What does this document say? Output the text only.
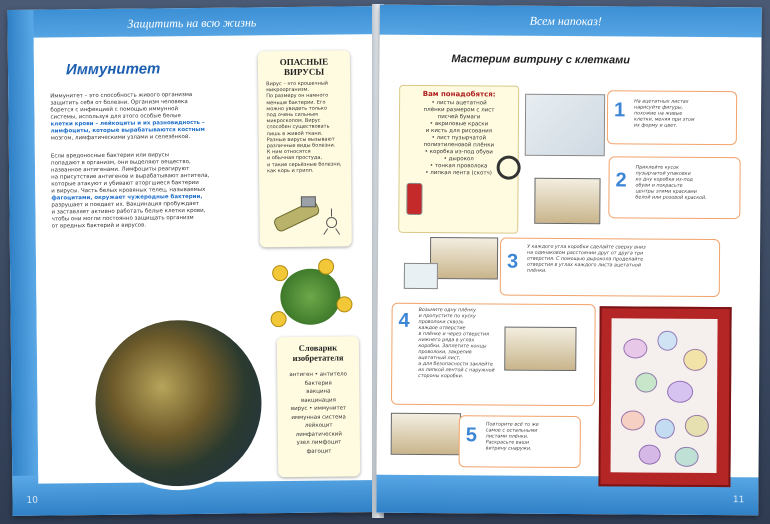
Защитить на всю жизнь
Иммунитет
Иммунитет – это способность живого организма
защитить себя от болезни. Организм человека
борется с инфекцией с помощью иммунной
системы, используя для этого особые белые
клетки крови – лейкоциты и их разновидность –
лимфоциты, которые вырабатываются костным
мозгом, лимфатическими узлами и селезёнкой.
Если вредоносные бактерии или вирусы
попадают в организм, они выделяют вещество,
названное антигенами. Лимфоциты реагируют
на присутствие антигенов и вырабатывают антитела,
которые атакуют и убивают вторгшиеся бактерии
и вирусы. Часть белых кровяных телец, называемых
фагоцитами, окружает чужеродные бактерии,
разрушает и поедает их. Вакцинация пробуждает
и заставляет активно работать белые клетки крови,
чтобы они могли постоянно защищать организм
от вредных бактерий и вирусов.
ОПАСНЫЕ
ВИРУСЫ
Вирус – это крошечный
микроорганизм.
По размеру он намного
меньше бактерии. Его
можно увидеть только
под очень сильным
микроскопом. Вирус
способен существовать
лишь в живой ткани.
Разные вирусы вызывают
различные виды болезни.
К ним относятся
и обычная простуда,
и такие серьёзные болезни,
как корь и грипп.
Словарик
изобретателя
антиген • антитело
бактерия
вакцина
вакцинация
вирус • иммунитет
иммунная система
лейкоцит
лимфатический
узел лимфоцит
фагоцит
Белые кровяные тельца помогают защитить организм от болезней и инфекций
10
Всем напоказ!
Мастерим витрину с клетками
Вам понадобятся:
• листы ацетатной
плёнки размером с лист
писчей бумаги
• акриловые краски
и кисть для рисования
• лист пузырчатой
полиэтиленовой плёнки
• коробка из-под обуви
• дырокол
• тонкая проволока
• липкая лента (скотч)
1 На ацетатных листах
нарисуйте фигуры,
похожие на живые
клетки, меняя при этом
их форму и цвет.
2
Приклейте кусок
пузырчатой упаковки
ко дну коробки из-под
обуви и покрасьте
центры этими красками
белой или розовой краской.
3
У каждого угла коробки сделайте сверху вниз
на одинаковом расстоянии друг от друга три
отверстия. С помощью дырокола проделайте
отверстия в углах каждого листа ацетатной
плёнки.
4 Возьмите одну плёнку
и пропустите по куску
проволоки сквозь
каждое отверстие
в плёнке и через отверстия
нижнего ряда в углах
коробки. Заплетите концы
проволоки, закрепив
ацетатный лист,
а для безопасности заклейте
их липкой лентой с наружной
стороны коробки.
5 Повторите всё то же
самое с остальными
листами плёнки.
Раскрасьте ваши
витрину снаружи.
11
